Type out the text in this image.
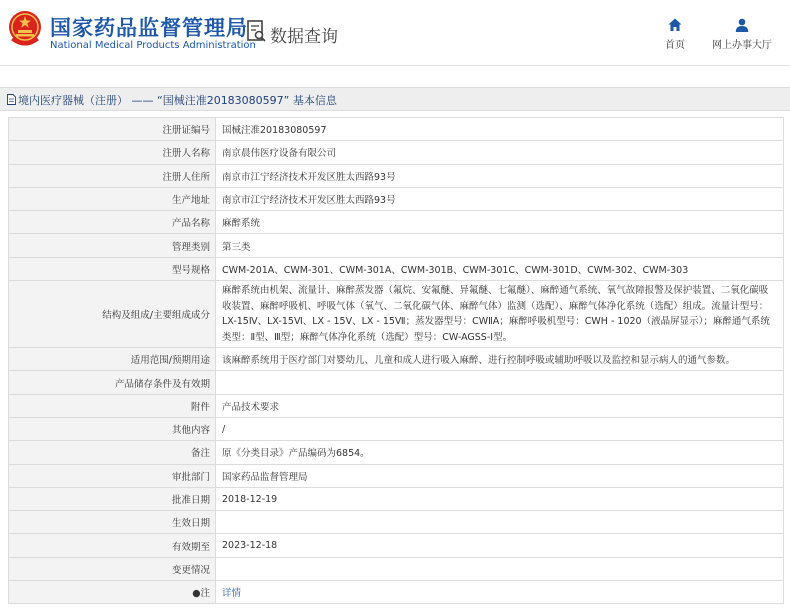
国家药品监督管理局
National Medical Products Administration 数据查询	首页	网上办事大厅
境内医疗器械（注册） —— “国械注准20183080597” 基本信息
注册证编号	国械注准20183080597
注册人名称	南京晨伟医疗设备有限公司
注册人住所	南京市江宁经济技术开发区胜太西路93号
生产地址	南京市江宁经济技术开发区胜太西路93号
产品名称	麻醉系统
管理类别	第三类
型号规格	CWM-201A、CWM-301、CWM-301A、CWM-301B、CWM-301C、CWM-301D、CWM-302、CWM-303
结构及组成/主要组成成分	麻醉系统由机架、流量计、麻醉蒸发器（氟烷、安氟醚、异氟醚、七氟醚）、麻醉通气系统、氧气故障报警及保护装置、二氧化碳吸收装置、麻醉呼吸机、呼吸气体（氧气、二氧化碳气体、麻醉气体）监测（选配）、麻醉气体净化系统（选配）组成。流量计型号：LX-15Ⅳ、LX-15Ⅵ、LX - 15Ⅴ、LX - 15Ⅶ；蒸发器型号：CWⅡA；麻醉呼吸机型号：CWH - 1020（液晶屏显示）；麻醉通气系统类型：Ⅱ型、Ⅲ型；麻醉气体净化系统（选配）型号：CW-AGSS-Ⅰ型。
适用范围/预期用途	该麻醉系统用于医疗部门对婴幼儿、儿童和成人进行吸入麻醉、进行控制呼吸或辅助呼吸以及监控和显示病人的通气参数。
产品储存条件及有效期	
附件	产品技术要求
其他内容	/
备注	原《分类目录》产品编码为6854。
审批部门	国家药品监督管理局
批准日期	2018-12-19
生效日期	
有效期至	2023-12-18
变更情况	
●注	详情
